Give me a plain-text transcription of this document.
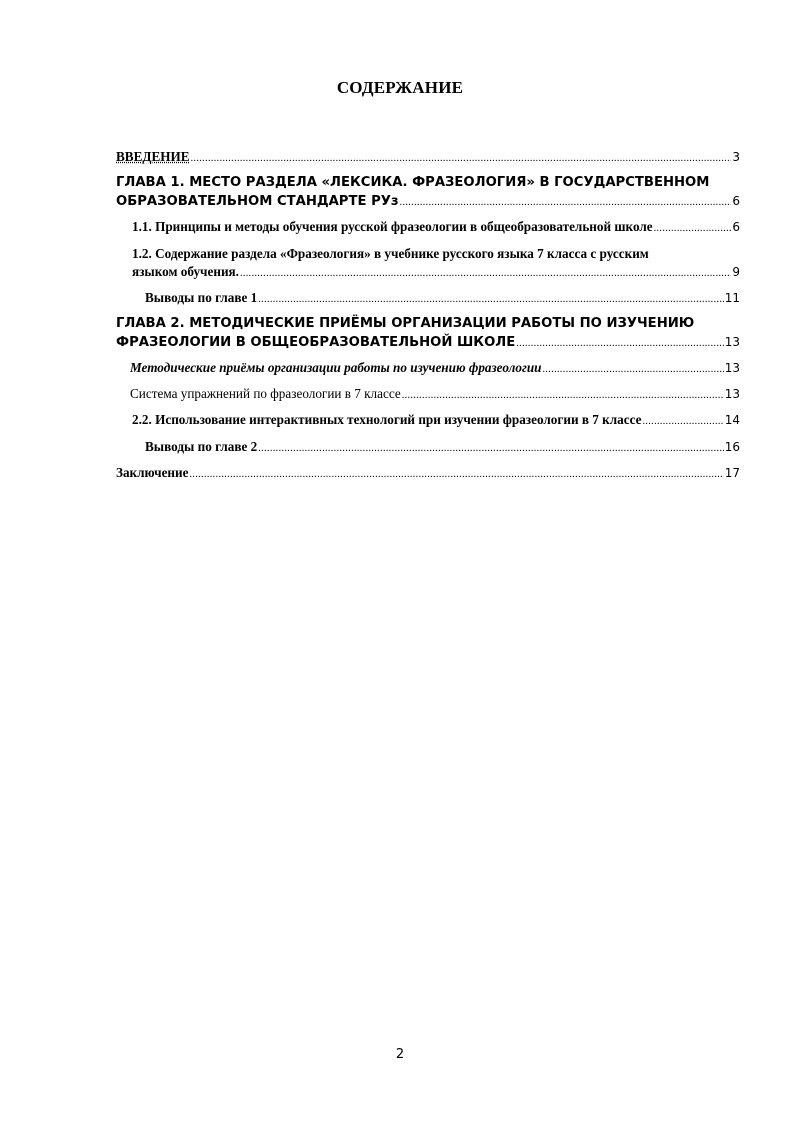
СОДЕРЖАНИЕ
ВВЕДЕНИЕ .....	3
ГЛАВА 1. МЕСТО РАЗДЕЛА «ЛЕКСИКА. ФРАЗЕОЛОГИЯ» В ГОСУДАРСТВЕННОМ
ОБРАЗОВАТЕЛЬНОМ СТАНДАРТЕ РУз .....	6
1.1. Принципы и методы обучения русской фразеологии в общеобразовательной школе .....	6
1.2. Содержание раздела «Фразеология» в учебнике русского языка 7 класса с русским
языком обучения. .....	9
Выводы по главе 1 .....	11
ГЛАВА 2. МЕТОДИЧЕСКИЕ ПРИЁМЫ ОРГАНИЗАЦИИ РАБОТЫ ПО ИЗУЧЕНИЮ
ФРАЗЕОЛОГИИ В ОБЩЕОБРАЗОВАТЕЛЬНОЙ ШКОЛЕ .....	13
Методические приёмы организации работы по изучению фразеологии .....	13
Система упражнений по фразеологии в 7 классе .....	13
2.2. Использование интерактивных технологий при изучении фразеологии в 7 классе .....	14
Выводы по главе 2 .....	16
Заключение .....	17
2
